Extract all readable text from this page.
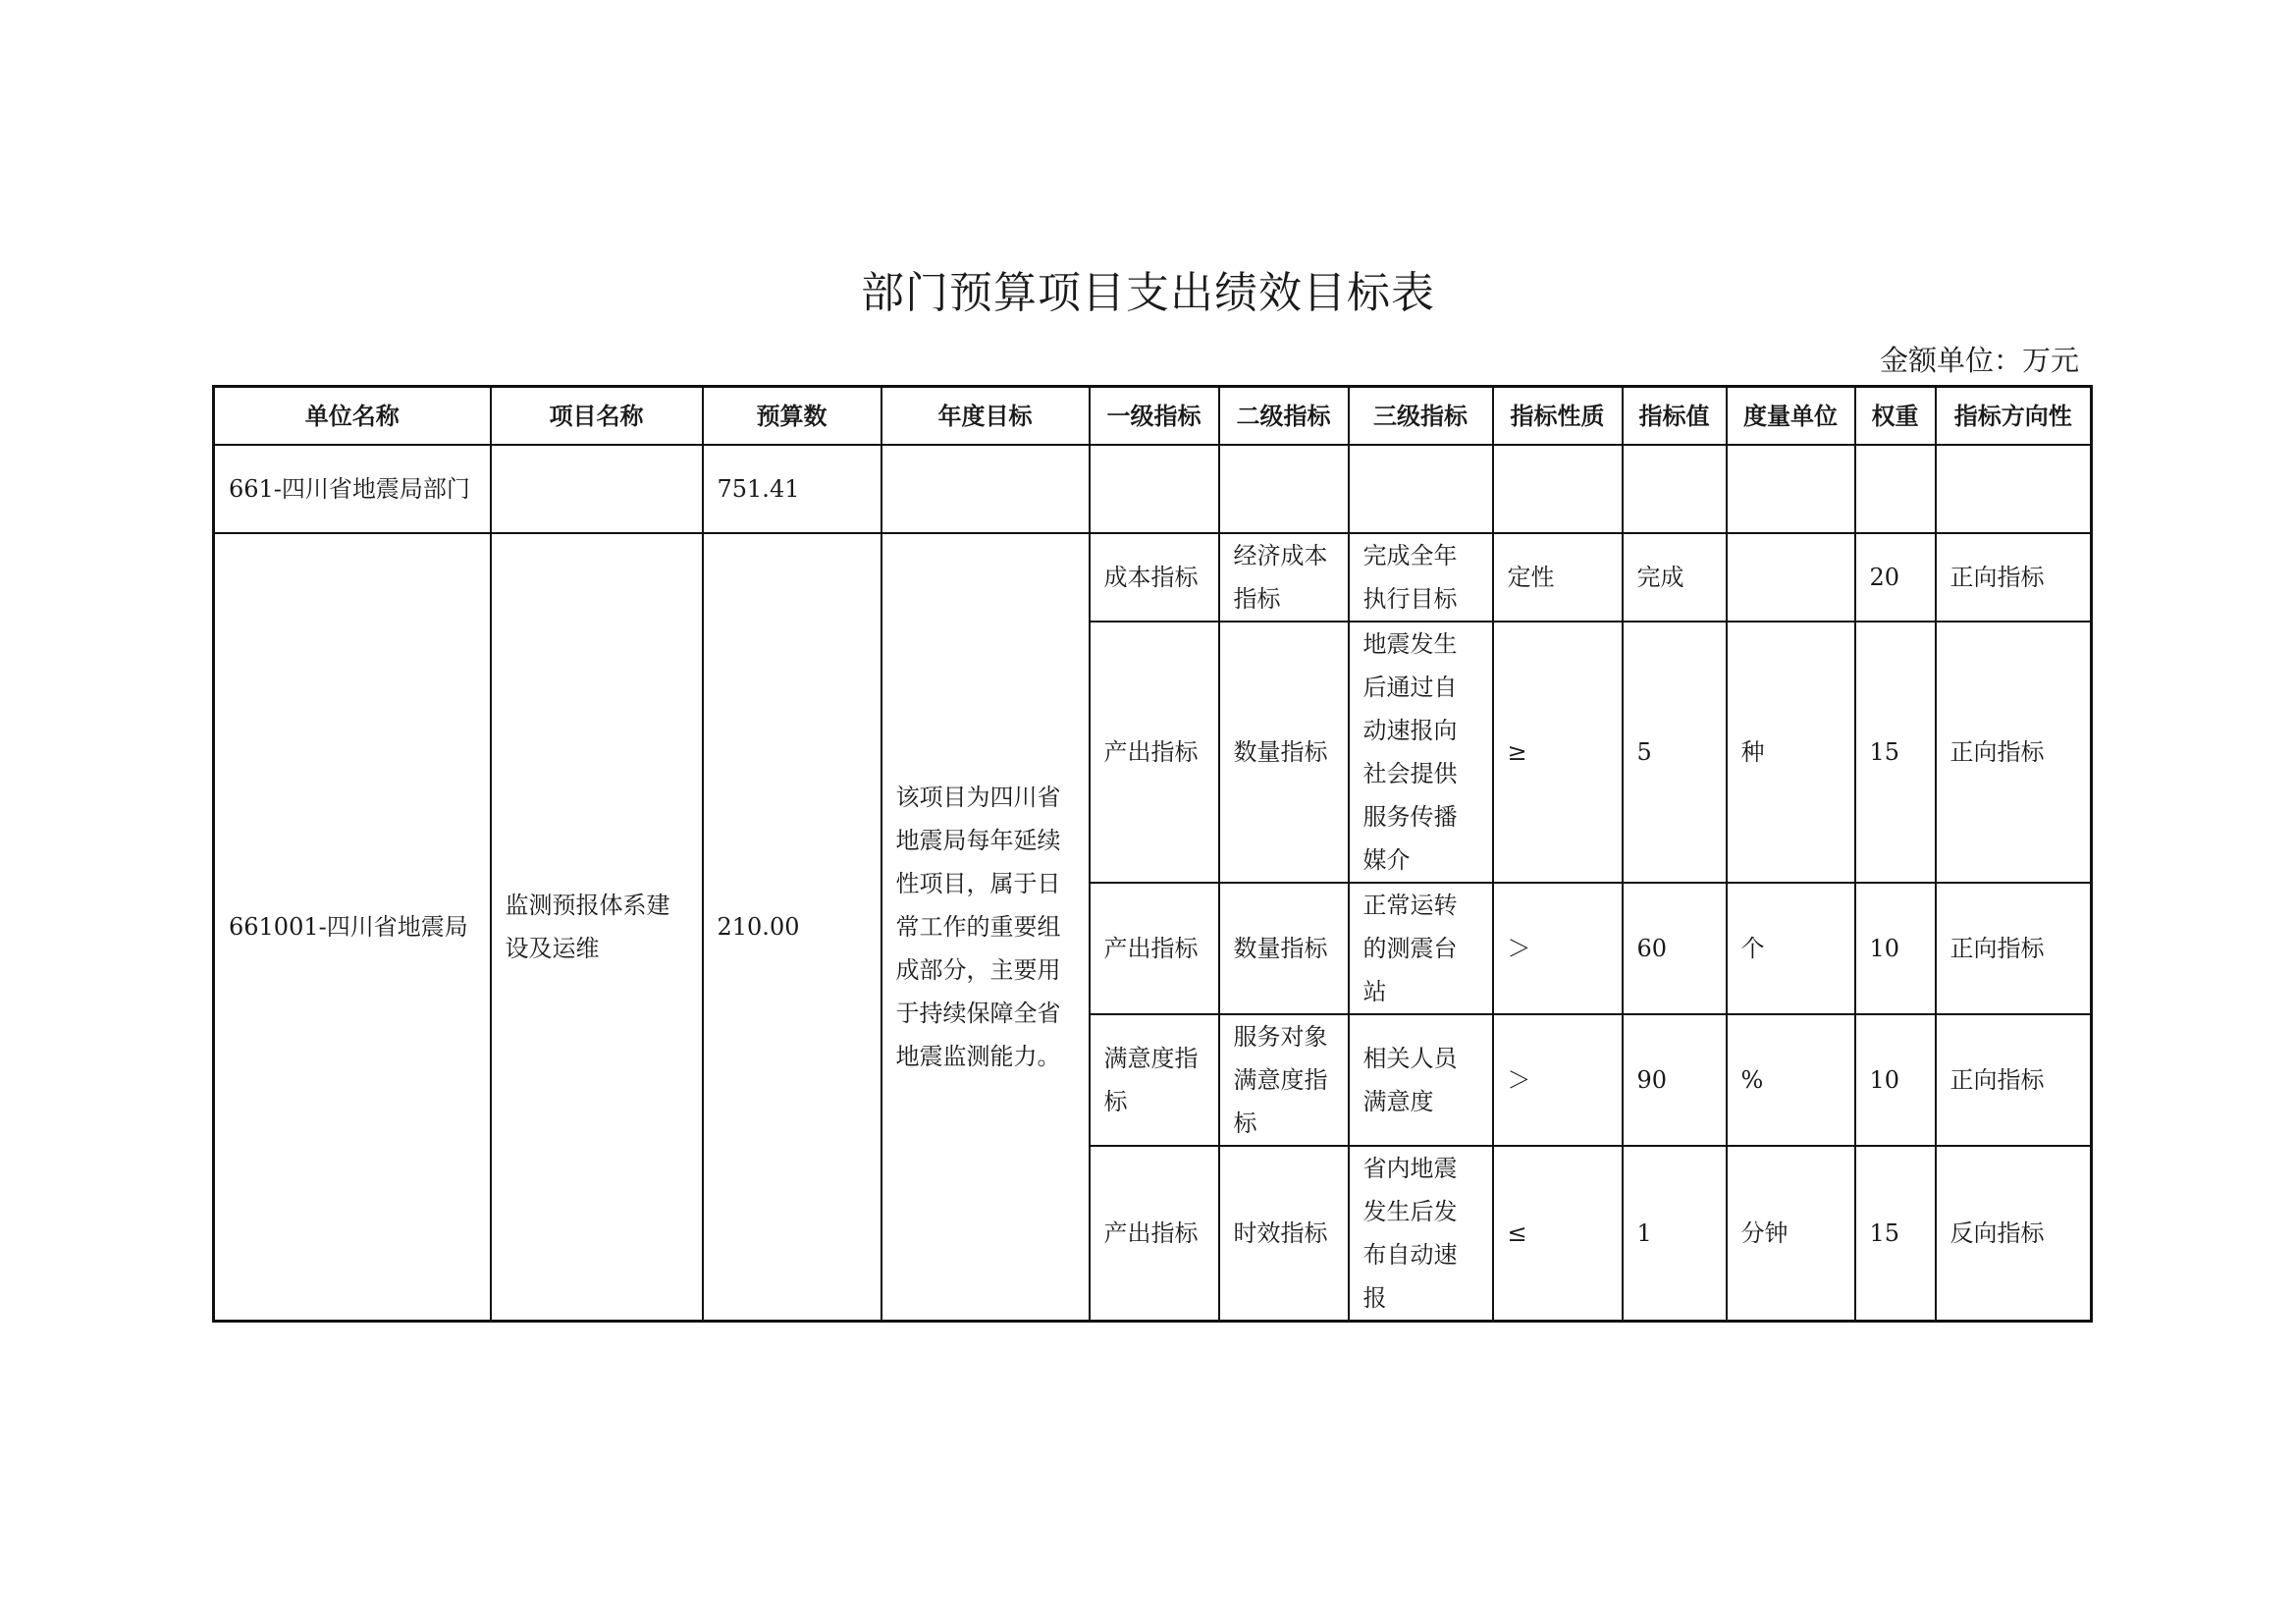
部门预算项目支出绩效目标表
金额单位：万元
单位名称	项目名称	预算数	年度目标	一级指标	二级指标	三级指标	指标性质	指标值	度量单位	权重	指标方向性
661-四川省地震局部门		751.41									
661001-四川省地震局	监测预报体系建设及运维	210.00	该项目为四川省地震局每年延续性项目，属于日常工作的重要组成部分，主要用于持续保障全省地震监测能力。	成本指标	经济成本指标	完成全年执行目标	定性	完成		20	正向指标
				产出指标	数量指标	地震发生后通过自动速报向社会提供服务传播媒介	≥	5	种	15	正向指标
				产出指标	数量指标	正常运转的测震台站	＞	60	个	10	正向指标
				满意度指标	服务对象满意度指标	相关人员满意度	＞	90	%	10	正向指标
				产出指标	时效指标	省内地震发生后发布自动速报	≤	1	分钟	15	反向指标
